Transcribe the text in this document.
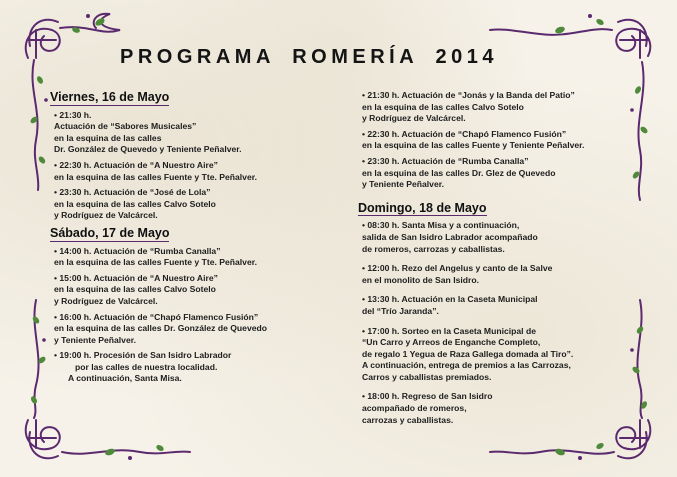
PROGRAMA ROMERÍA 2014
Viernes, 16 de Mayo
• 21:30 h.
Actuación de “Sabores Musicales”
en la esquina de las calles
Dr. González de Quevedo y Teniente Peñalver.
• 22:30 h. Actuación de “A Nuestro Aire”
en la esquina de las calles Fuente y Tte. Peñalver.
• 23:30 h. Actuación de “José de Lola”
en la esquina de las calles Calvo Sotelo
y Rodríguez de Valcárcel.
Sábado, 17 de Mayo
• 14:00 h. Actuación de “Rumba Canalla”
en la esquina de las calles Fuente y Tte. Peñalver.
• 15:00 h. Actuación de “A Nuestro Aire”
en la esquina de las calles Calvo Sotelo
y Rodríguez de Valcárcel.
• 16:00 h. Actuación de “Chapó Flamenco Fusión”
en la esquina de las calles Dr. González de Quevedo
y Teniente Peñalver.
• 19:00 h. Procesión de San Isidro Labrador
por las calles de nuestra localidad.
A continuación, Santa Misa.
• 21:30 h. Actuación de “Jonás y la Banda del Patio”
en la esquina de las calles Calvo Sotelo
y Rodríguez de Valcárcel.
• 22:30 h. Actuación de “Chapó Flamenco Fusión”
en la esquina de las calles Fuente y Teniente Peñalver.
• 23:30 h. Actuación de “Rumba Canalla”
en la esquina de las calles Dr. Glez de Quevedo
y Teniente Peñalver.
Domingo, 18 de Mayo
• 08:30 h. Santa Misa y a continuación,
salida de San Isidro Labrador acompañado
de romeros, carrozas y caballistas.
• 12:00 h. Rezo del Angelus y canto de la Salve
en el monolito de San Isidro.
• 13:30 h. Actuación en la Caseta Municipal
del “Trío Jaranda”.
• 17:00 h. Sorteo en la Caseta Municipal de
“Un Carro y Arreos de Enganche Completo,
de regalo 1 Yegua de Raza Gallega domada al Tiro”.
A continuación, entrega de premios a las Carrozas,
Carros y caballistas premiados.
• 18:00 h. Regreso de San Isidro
acompañado de romeros,
carrozas y caballistas.
